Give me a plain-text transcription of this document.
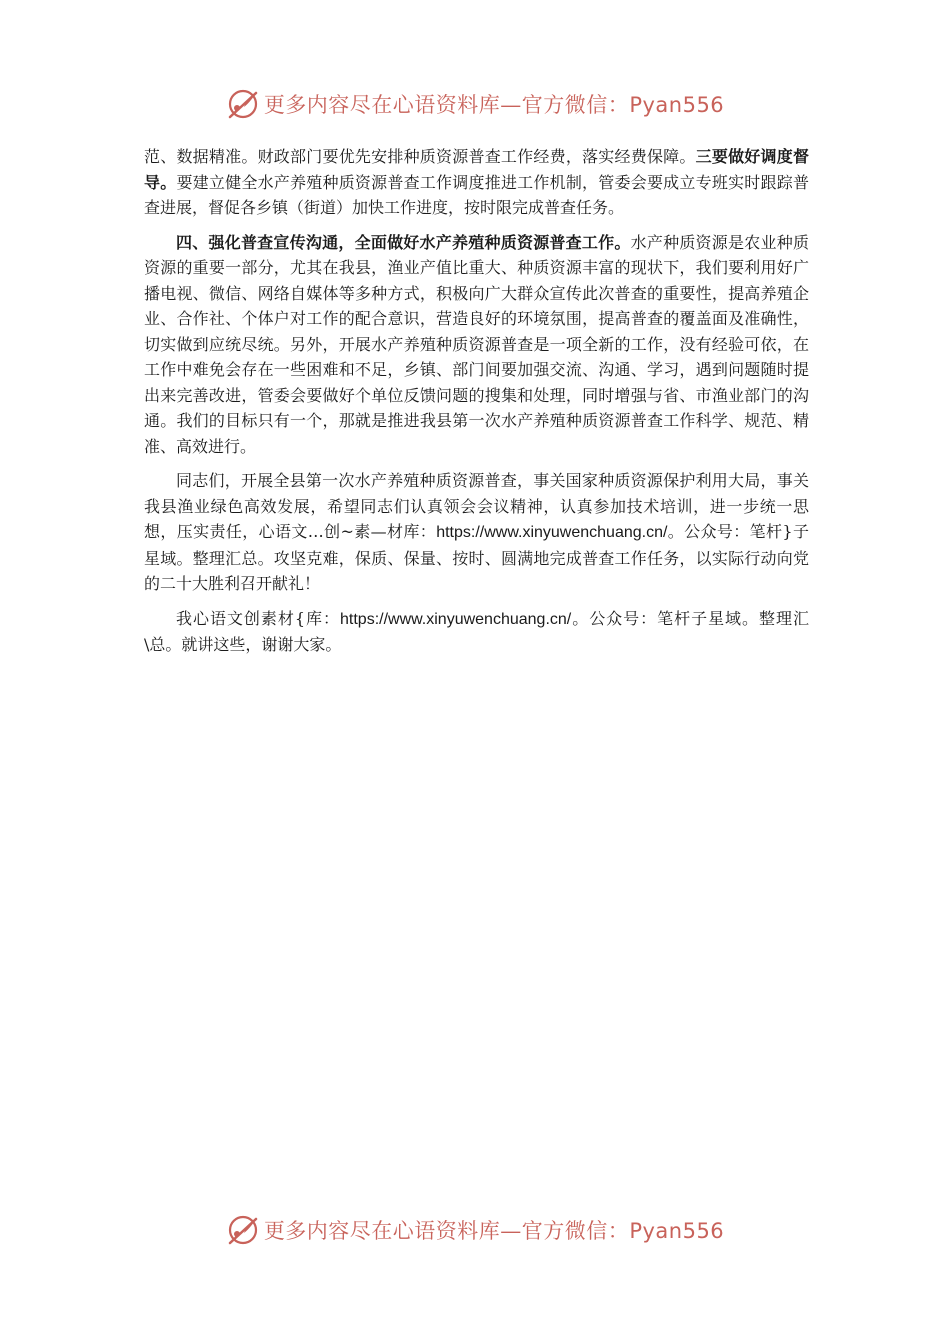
更多内容尽在心语资料库—官方微信：Pyan556

范、数据精准。财政部门要优先安排种质资源普查工作经费，落实经费保障。三要做好调度督导。要建立健全水产养殖种质资源普查工作调度推进工作机制，管委会要成立专班实时跟踪普查进展，督促各乡镇（街道）加快工作进度，按时限完成普查任务。

四、强化普查宣传沟通，全面做好水产养殖种质资源普查工作。水产种质资源是农业种质资源的重要一部分，尤其在我县，渔业产值比重大、种质资源丰富的现状下，我们要利用好广播电视、微信、网络自媒体等多种方式，积极向广大群众宣传此次普查的重要性，提高养殖企业、合作社、个体户对工作的配合意识，营造良好的环境氛围，提高普查的覆盖面及准确性，切实做到应统尽统。另外，开展水产养殖种质资源普查是一项全新的工作，没有经验可依，在工作中难免会存在一些困难和不足，乡镇、部门间要加强交流、沟通、学习，遇到问题随时提出来完善改进，管委会要做好个单位反馈问题的搜集和处理，同时增强与省、市渔业部门的沟通。我们的目标只有一个，那就是推进我县第一次水产养殖种质资源普查工作科学、规范、精准、高效进行。

同志们，开展全县第一次水产养殖种质资源普查，事关国家种质资源保护利用大局，事关我县渔业绿色高效发展，希望同志们认真领会会议精神，认真参加技术培训，进一步统一思想，压实责任，心语文…创~素—材库：https://www.xinyuwenchuang.cn/。公众号：笔杆}子星域。整理汇总。攻坚克难，保质、保量、按时、圆满地完成普查工作任务，以实际行动向党的二十大胜利召开献礼！

我心语文创素材{库：https://www.xinyuwenchuang.cn/。公众号：笔杆子星域。整理汇\总。就讲这些，谢谢大家。

更多内容尽在心语资料库—官方微信：Pyan556
